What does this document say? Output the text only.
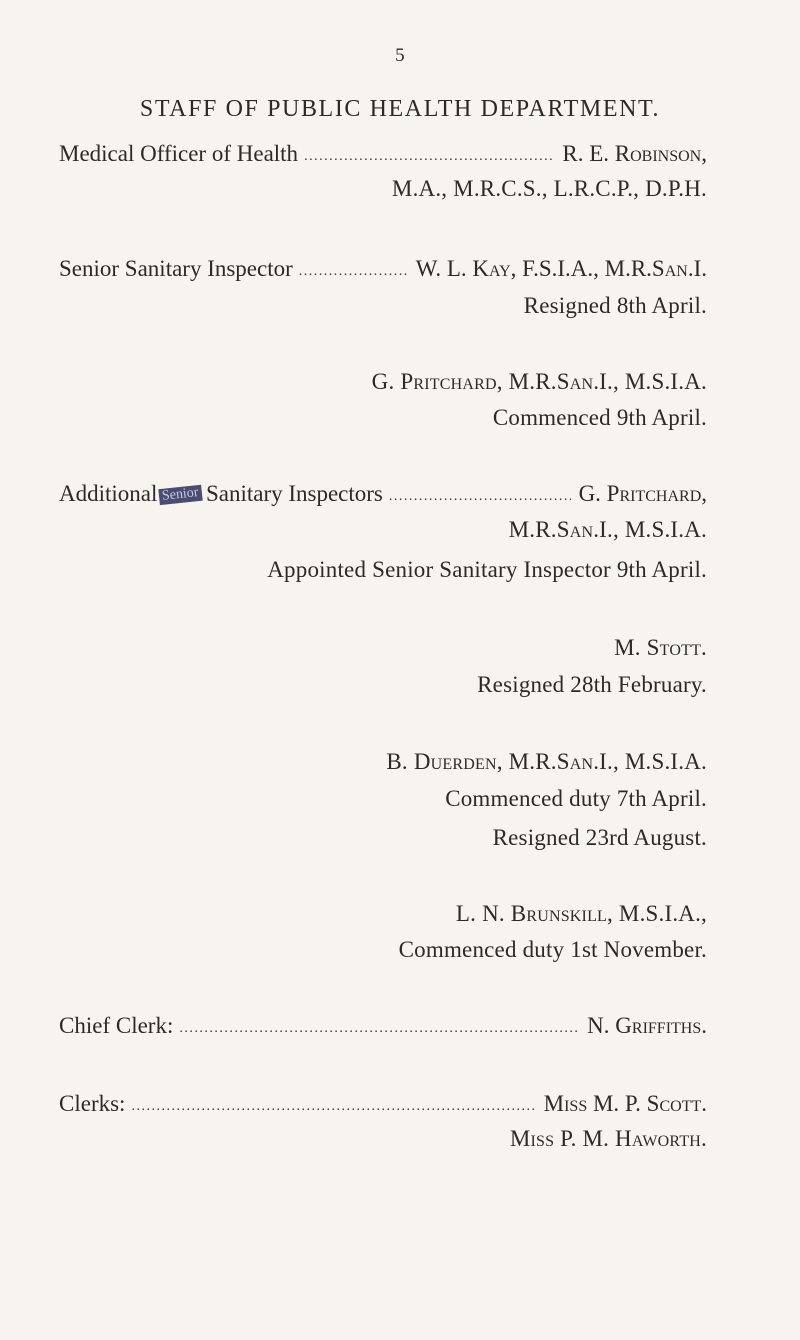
5
STAFF OF PUBLIC HEALTH DEPARTMENT.
Medical Officer of Health .....	R. E. Robinson,
M.A., M.R.C.S., L.R.C.P., D.P.H.
Senior Sanitary Inspector .....	W. L. Kay, F.S.I.A., M.R.San.I.
Resigned 8th April.
G. Pritchard, M.R.San.I., M.S.I.A.
Commenced 9th April.
Additional Senior Sanitary Inspectors .....	G. Pritchard,
M.R.San.I., M.S.I.A.
Appointed Senior Sanitary Inspector 9th April.
M. Stott.
Resigned 28th February.
B. Duerden, M.R.San.I., M.S.I.A.
Commenced duty 7th April.
Resigned 23rd August.
L. N. Brunskill, M.S.I.A.,
Commenced duty 1st November.
Chief Clerk: .....	N. Griffiths.
Clerks: .....	Miss M. P. Scott.
Miss P. M. Haworth.
